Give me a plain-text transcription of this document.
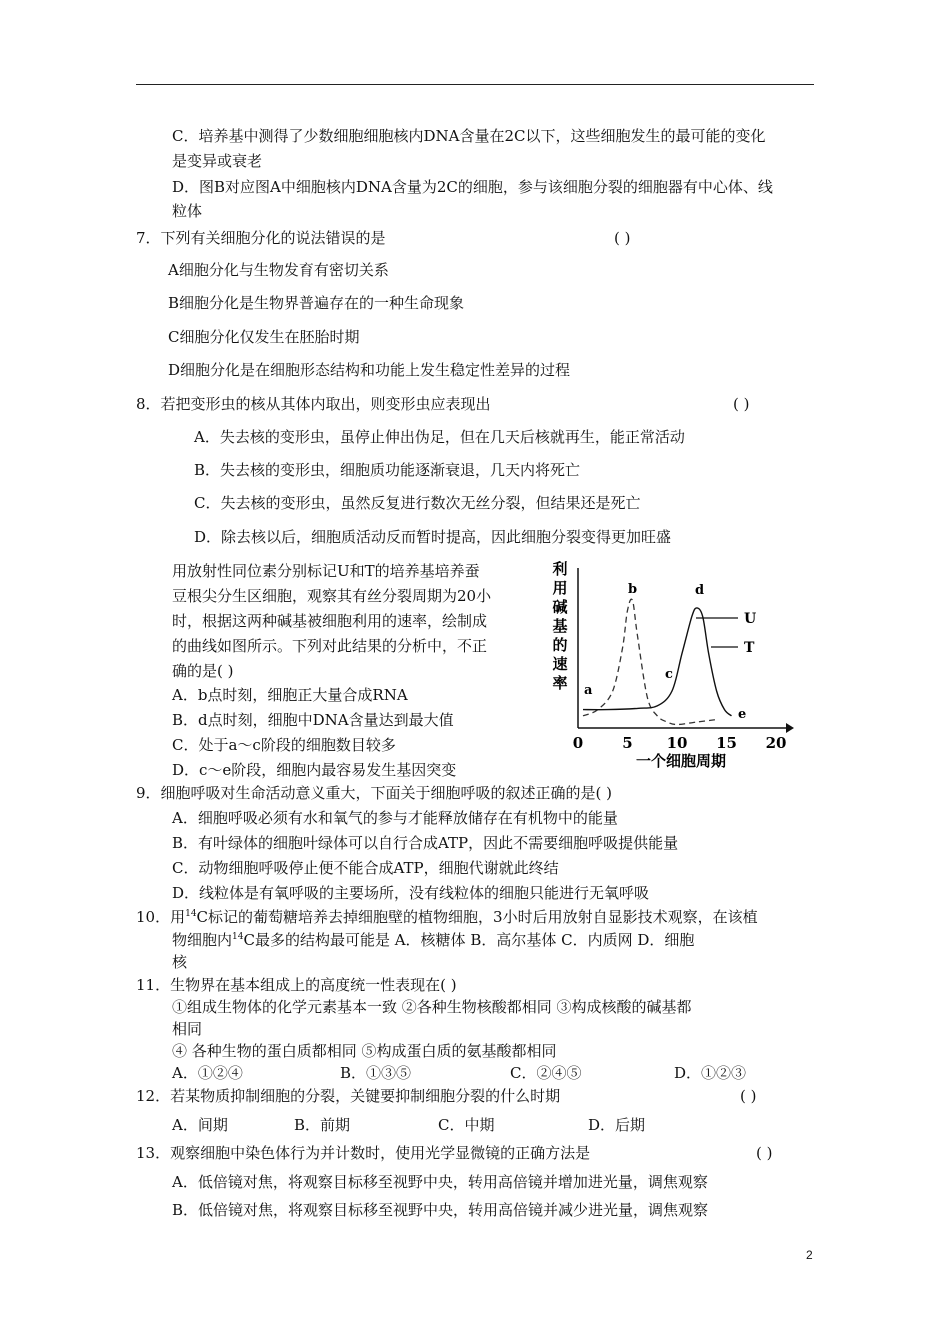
C．培养基中测得了少数细胞细胞核内DNA含量在2C以下，这些细胞发生的最可能的变化
是变异或衰老
D．图B对应图A中细胞核内DNA含量为2C的细胞，参与该细胞分裂的细胞器有中心体、线
粒体
7．下列有关细胞分化的说法错误的是	( )
A细胞分化与生物发育有密切关系
B细胞分化是生物界普遍存在的一种生命现象
C细胞分化仅发生在胚胎时期
D细胞分化是在细胞形态结构和功能上发生稳定性差异的过程
8．若把变形虫的核从其体内取出，则变形虫应表现出	( )
A．失去核的变形虫，虽停止伸出伪足，但在几天后核就再生，能正常活动
B．失去核的变形虫，细胞质功能逐渐衰退，几天内将死亡
C．失去核的变形虫，虽然反复进行数次无丝分裂，但结果还是死亡
D．除去核以后，细胞质活动反而暂时提高，因此细胞分裂变得更加旺盛
用放射性同位素分别标记U和T的培养基培养蚕
豆根尖分生区细胞，观察其有丝分裂周期为20小
时，根据这两种碱基被细胞利用的速率，绘制成
的曲线如图所示。下列对此结果的分析中，不正
确的是( )
A．b点时刻，细胞正大量合成RNA
B．d点时刻，细胞中DNA含量达到最大值
C．处于a～c阶段的细胞数目较多
D．c～e阶段，细胞内最容易发生基因突变
利
用
碱
基
的
速
率
0	5 10 15 20
一个细胞周期
U
T
a
b
c
d
e
9．细胞呼吸对生命活动意义重大，下面关于细胞呼吸的叙述正确的是( )
A．细胞呼吸必须有水和氧气的参与才能释放储存在有机物中的能量
B．有叶绿体的细胞叶绿体可以自行合成ATP，因此不需要细胞呼吸提供能量
C．动物细胞呼吸停止便不能合成ATP，细胞代谢就此终结
D．线粒体是有氧呼吸的主要场所，没有线粒体的细胞只能进行无氧呼吸
10．用$^{14}$C标记的葡萄糖培养去掉细胞壁的植物细胞，3小时后用放射自显影技术观察，在该植
物细胞内$^{14}$C最多的结构最可能是 A．核糖体 B．高尔基体 C．内质网 D．细胞
核
11．生物界在基本组成上的高度统一性表现在( )
①组成生物体的化学元素基本一致 ②各种生物核酸都相同 ③构成核酸的碱基都
相同
④ 各种生物的蛋白质都相同 ⑤构成蛋白质的氨基酸都相同
A．①②④	B．①③⑤	C．②④⑤	D．①②③
12．若某物质抑制细胞的分裂，关键要抑制细胞分裂的什么时期	( )
A．间期	B．前期	C．中期	D．后期
13．观察细胞中染色体行为并计数时，使用光学显微镜的正确方法是	( )
A．低倍镜对焦，将观察目标移至视野中央，转用高倍镜并增加进光量，调焦观察
B．低倍镜对焦，将观察目标移至视野中央，转用高倍镜并减少进光量，调焦观察
2
